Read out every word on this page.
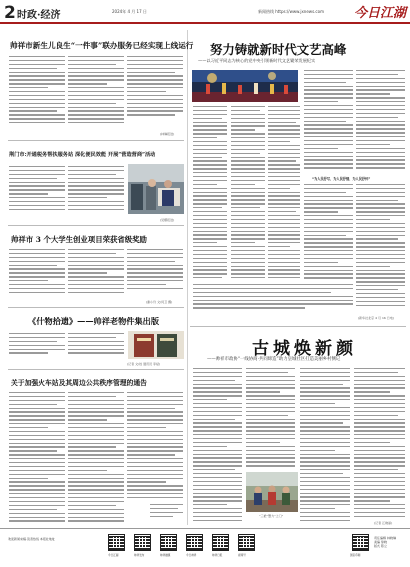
2 时政·经济	2024年 4 月 17 日	新闻热线 https://www.jxnews.com 今日江湖
帅祥市新生儿良生“一件事”联办服务已经实现上线运行
(林琳报送)
荆门市:开通税务帮扶服务站 深化便民效能 开展“营造营商”活动
(吴娜报送)
帅祥市 3 个大学生创业项目荣获省级奖励
(谢小玲 文/何卫 摄)
《什物拾遗》——帅祥老物件集出版
(记者 文/姓 通讯员 李斌)
关于加强火车站及其周边公共秩序管理的通告
努力铸就新时代文艺高峰
——以习近平同志为核心的党中央引领新时代文艺繁荣发展纪实
“为人民抒写、为人民抒情、为人民抒怀”
(新华社北京 4 月 16 日电)
古城焕新颜
——帅祥市政协“一线协商·共同缔造”助力皇城社区打造美丽乡村侧记
“三枪”警力“上门”
(记者 江晓丽)
欢迎新闻来稿·读者热线 本报社地址
今日江湖	帅祥发布	帅祥融媒	今日帅祥	帅祥日报	视频号	国家印刷
责任编辑 林晓琳
美编 徐晓
版式 陈立
